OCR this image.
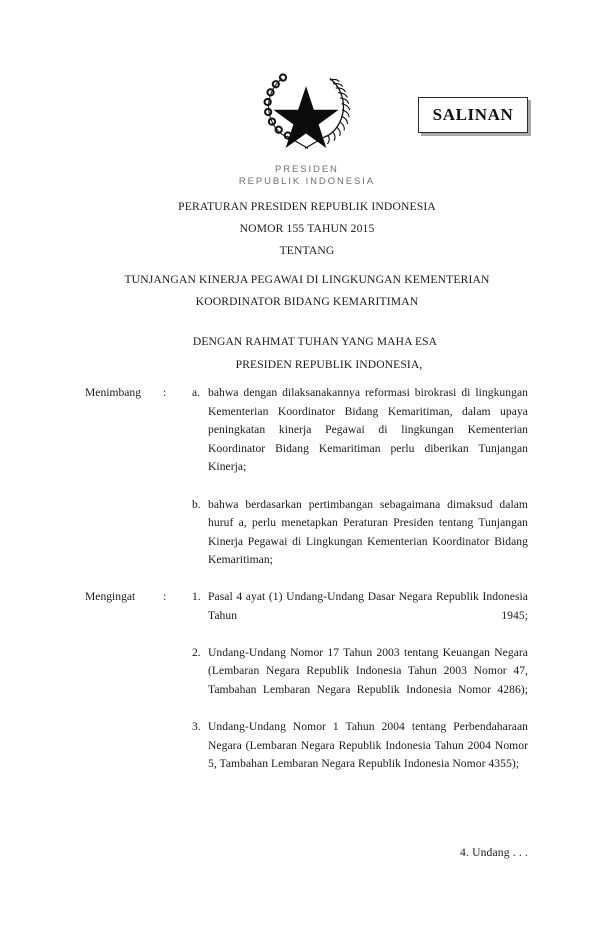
PRESIDEN
REPUBLIK INDONESIA
SALINAN
PERATURAN PRESIDEN REPUBLIK INDONESIA
NOMOR 155 TAHUN 2015
TENTANG
TUNJANGAN KINERJA PEGAWAI DI LINGKUNGAN KEMENTERIAN KOORDINATOR BIDANG KEMARITIMAN
DENGAN RAHMAT TUHAN YANG MAHA ESA
PRESIDEN REPUBLIK INDONESIA,
Menimbang	:	a. bahwa dengan dilaksanakannya reformasi birokrasi di lingkungan Kementerian Koordinator Bidang Kemaritiman, dalam upaya peningkatan kinerja Pegawai di lingkungan Kementerian Koordinator Bidang Kemaritiman perlu diberikan Tunjangan Kinerja;
b. bahwa berdasarkan pertimbangan sebagaimana dimaksud dalam huruf a, perlu menetapkan Peraturan Presiden tentang Tunjangan Kinerja Pegawai di Lingkungan Kementerian Koordinator Bidang Kemaritiman;
Mengingat	:	1. Pasal 4 ayat (1) Undang-Undang Dasar Negara Republik Indonesia Tahun 1945;
2. Undang-Undang Nomor 17 Tahun 2003 tentang Keuangan Negara (Lembaran Negara Republik Indonesia Tahun 2003 Nomor 47, Tambahan Lembaran Negara Republik Indonesia Nomor 4286);
3. Undang-Undang Nomor 1 Tahun 2004 tentang Perbendaharaan Negara (Lembaran Negara Republik Indonesia Tahun 2004 Nomor 5, Tambahan Lembaran Negara Republik Indonesia Nomor 4355);
4. Undang . . .
